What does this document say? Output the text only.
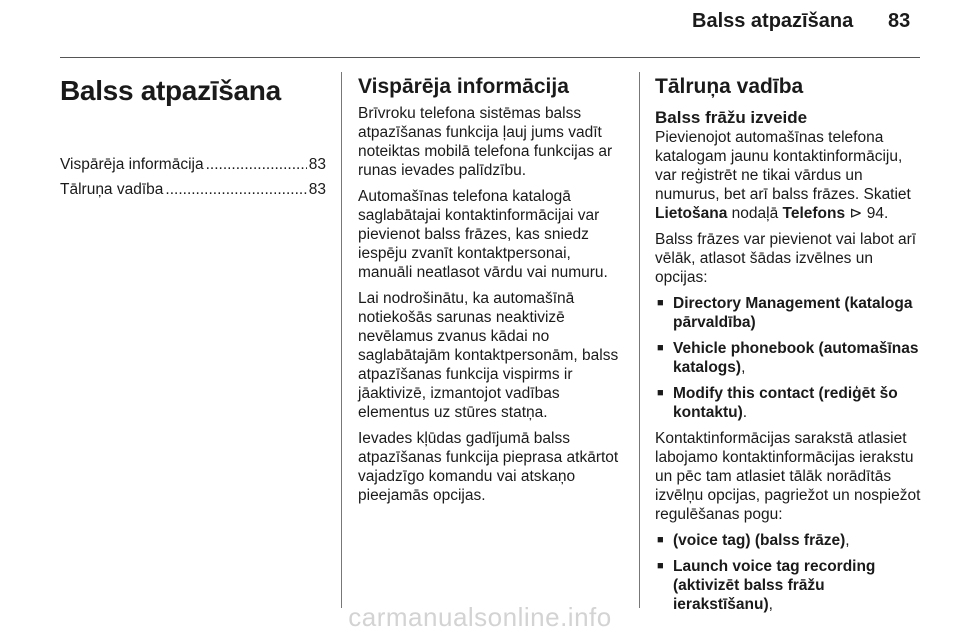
Balss atpazīšana 83
Balss atpazīšana
Vispārēja informācija .....	83
Tālruņa vadība .....	83
Vispārēja informācija

Brīvroku telefona sistēmas balss atpazīšanas funkcija ļauj jums vadīt noteiktas mobilā telefona funkcijas ar runas ievades palīdzību.

Automašīnas telefona katalogā saglabātajai kontaktinformācijai var pievienot balss frāzes, kas sniedz iespēju zvanīt kontaktpersonai, manuāli neatlasot vārdu vai numuru.

Lai nodrošinātu, ka automašīnā notiekošās sarunas neaktivizē nevēlamus zvanus kādai no saglabātajām kontaktpersonām, balss atpazīšanas funkcija vispirms ir jāaktivizē, izmantojot vadības elementus uz stūres statņa.

Ievades kļūdas gadījumā balss atpazīšanas funkcija pieprasa atkārtot vajadzīgo komandu vai atskaņo pieejamās opcijas.

Tālruņa vadība
Balss frāžu izveide

Pievienojot automašīnas telefona katalogam jaunu kontaktinformāciju, var reģistrēt ne tikai vārdus un numurus, bet arī balss frāzes. Skatiet Lietošana nodaļā Telefons ⊳ 94.

Balss frāzes var pievienot vai labot arī vēlāk, atlasot šādas izvēlnes un opcijas:

■ Directory Management (kataloga pārvaldība)
■ Vehicle phonebook (automašīnas katalogs),
■ Modify this contact (rediģēt šo kontaktu).

Kontaktinformācijas sarakstā atlasiet labojamo kontaktinformācijas ierakstu un pēc tam atlasiet tālāk norādītās izvēlņu opcijas, pagriežot un nospiežot regulēšanas pogu:

■ (voice tag) (balss frāze),
■ Launch voice tag recording (aktivizēt balss frāžu ierakstīšanu),
carmanualsonline.info
